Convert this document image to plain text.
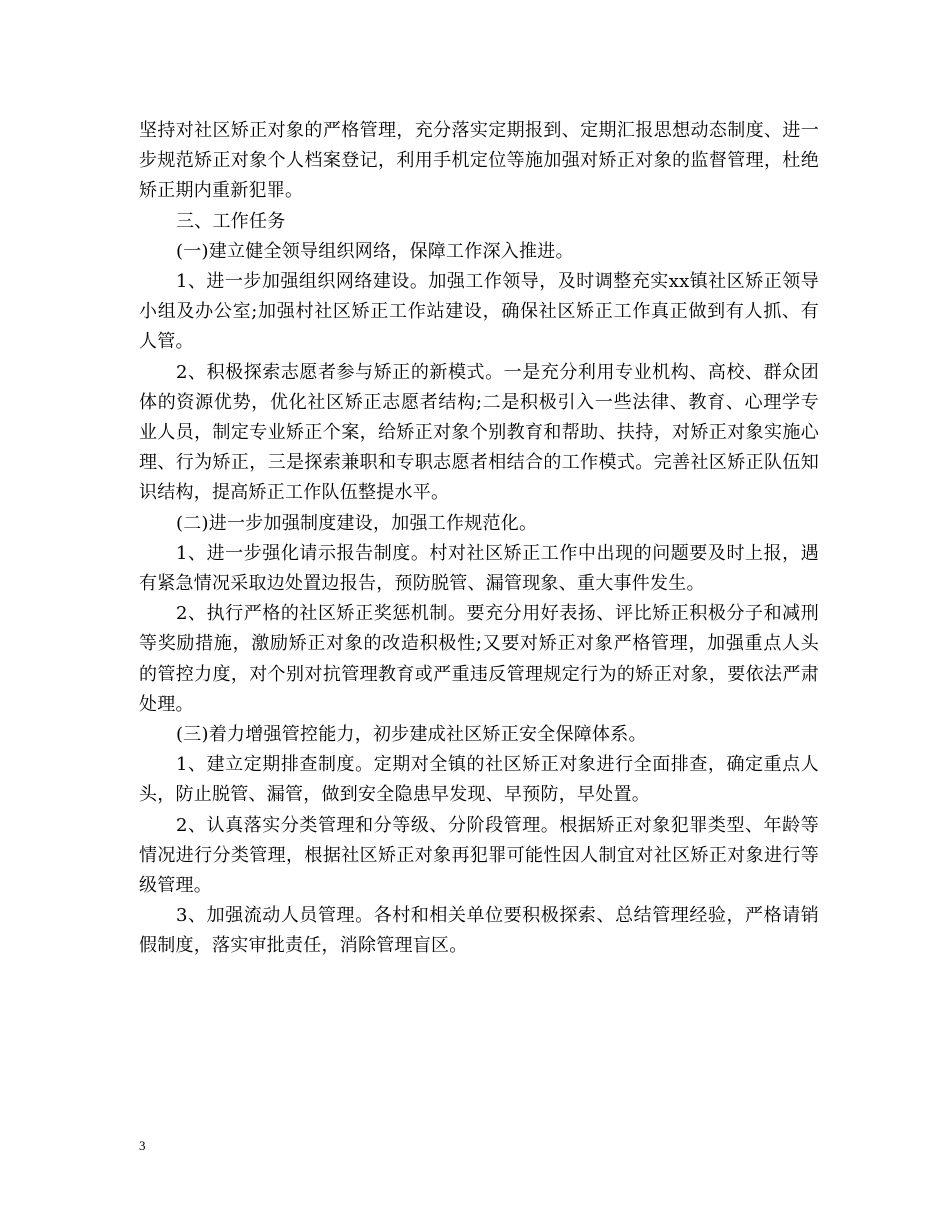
坚持对社区矫正对象的严格管理，充分落实定期报到、定期汇报思想动态制度、进一步规范矫正对象个人档案登记，利用手机定位等施加强对矫正对象的监督管理，杜绝矫正期内重新犯罪。

三、工作任务

(一)建立健全领导组织网络，保障工作深入推进。

1、进一步加强组织网络建设。加强工作领导，及时调整充实xx镇社区矫正领导小组及办公室;加强村社区矫正工作站建设，确保社区矫正工作真正做到有人抓、有人管。

2、积极探索志愿者参与矫正的新模式。一是充分利用专业机构、高校、群众团体的资源优势，优化社区矫正志愿者结构;二是积极引入一些法律、教育、心理学专业人员，制定专业矫正个案，给矫正对象个别教育和帮助、扶持，对矫正对象实施心理、行为矫正，三是探索兼职和专职志愿者相结合的工作模式。完善社区矫正队伍知识结构，提高矫正工作队伍整提水平。

(二)进一步加强制度建设，加强工作规范化。

1、进一步强化请示报告制度。村对社区矫正工作中出现的问题要及时上报，遇有紧急情况采取边处置边报告，预防脱管、漏管现象、重大事件发生。

2、执行严格的社区矫正奖惩机制。要充分用好表扬、评比矫正积极分子和减刑等奖励措施，激励矫正对象的改造积极性;又要对矫正对象严格管理，加强重点人头的管控力度，对个别对抗管理教育或严重违反管理规定行为的矫正对象，要依法严肃处理。

(三)着力增强管控能力，初步建成社区矫正安全保障体系。

1、建立定期排查制度。定期对全镇的社区矫正对象进行全面排查，确定重点人头，防止脱管、漏管，做到安全隐患早发现、早预防，早处置。

2、认真落实分类管理和分等级、分阶段管理。根据矫正对象犯罪类型、年龄等情况进行分类管理，根据社区矫正对象再犯罪可能性因人制宜对社区矫正对象进行等级管理。

3、加强流动人员管理。各村和相关单位要积极探索、总结管理经验，严格请销假制度，落实审批责任，消除管理盲区。

3
